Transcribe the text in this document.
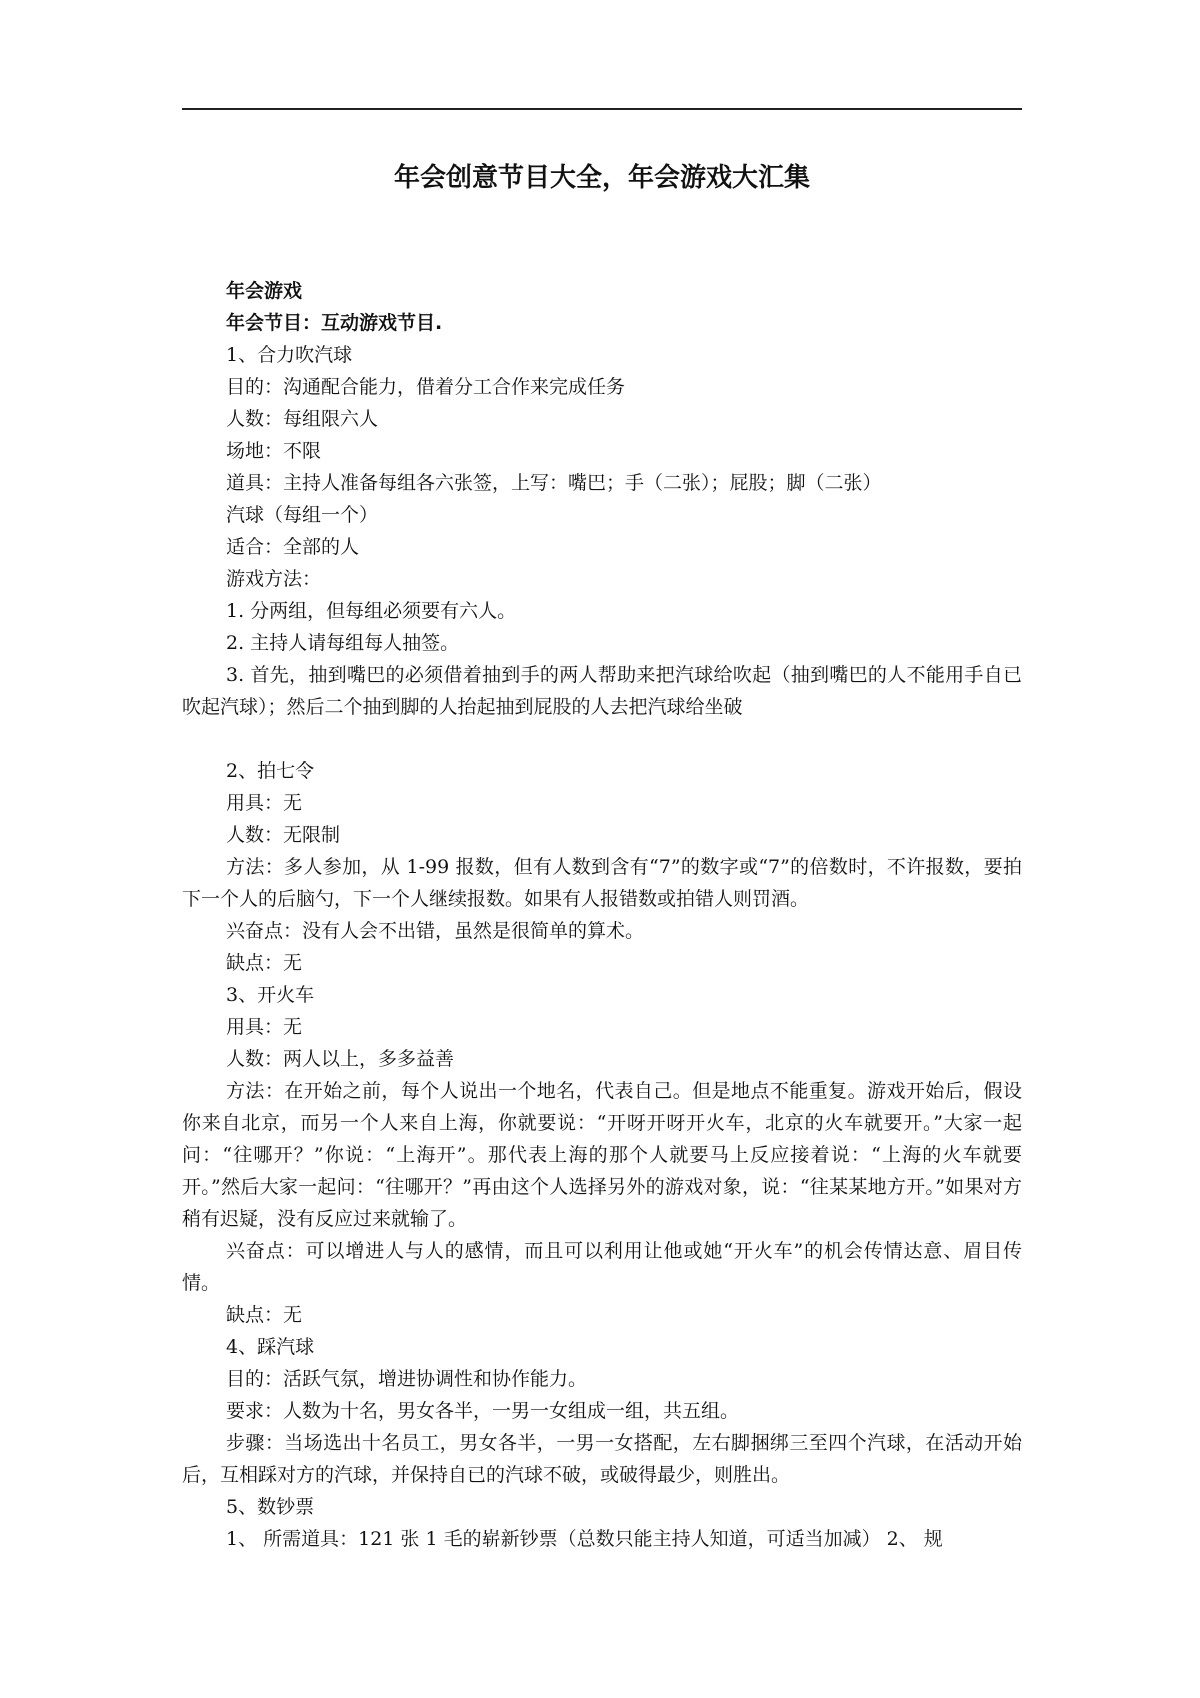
年会创意节目大全，年会游戏大汇集

年会游戏

年会节目：互动游戏节目.

1、合力吹汽球

目的：沟通配合能力，借着分工合作来完成任务

人数：每组限六人

场地：不限

道具：主持人准备每组各六张签，上写：嘴巴；手（二张）；屁股；脚（二张）

汽球（每组一个）

适合：全部的人

游戏方法：

1. 分两组，但每组必须要有六人。

2. 主持人请每组每人抽签。

3. 首先，抽到嘴巴的必须借着抽到手的两人帮助来把汽球给吹起（抽到嘴巴的人不能用手自已吹起汽球）；然后二个抽到脚的人抬起抽到屁股的人去把汽球给坐破

2、拍七令

用具：无

人数：无限制

方法：多人参加，从 1-99 报数，但有人数到含有“7”的数字或“7”的倍数时，不许报数，要拍下一个人的后脑勺，下一个人继续报数。如果有人报错数或拍错人则罚酒。

兴奋点：没有人会不出错，虽然是很简单的算术。

缺点：无

3、开火车

用具：无

人数：两人以上，多多益善

方法：在开始之前，每个人说出一个地名，代表自己。但是地点不能重复。游戏开始后，假设你来自北京，而另一个人来自上海，你就要说：“开呀开呀开火车，北京的火车就要开。”大家一起问：“往哪开？”你说：“上海开”。那代表上海的那个人就要马上反应接着说：“上海的火车就要开。”然后大家一起问：“往哪开？”再由这个人选择另外的游戏对象，说：“往某某地方开。”如果对方稍有迟疑，没有反应过来就输了。

兴奋点：可以增进人与人的感情，而且可以利用让他或她“开火车”的机会传情达意、眉目传情。

缺点：无

4、踩汽球

目的：活跃气氛，增进协调性和协作能力。

要求：人数为十名，男女各半，一男一女组成一组，共五组。

步骤：当场选出十名员工，男女各半，一男一女搭配，左右脚捆绑三至四个汽球，在活动开始后，互相踩对方的汽球，并保持自已的汽球不破，或破得最少，则胜出。

5、数钞票

1、 所需道具：121 张 1 毛的崭新钞票（总数只能主持人知道，可适当加减） 2、 规
